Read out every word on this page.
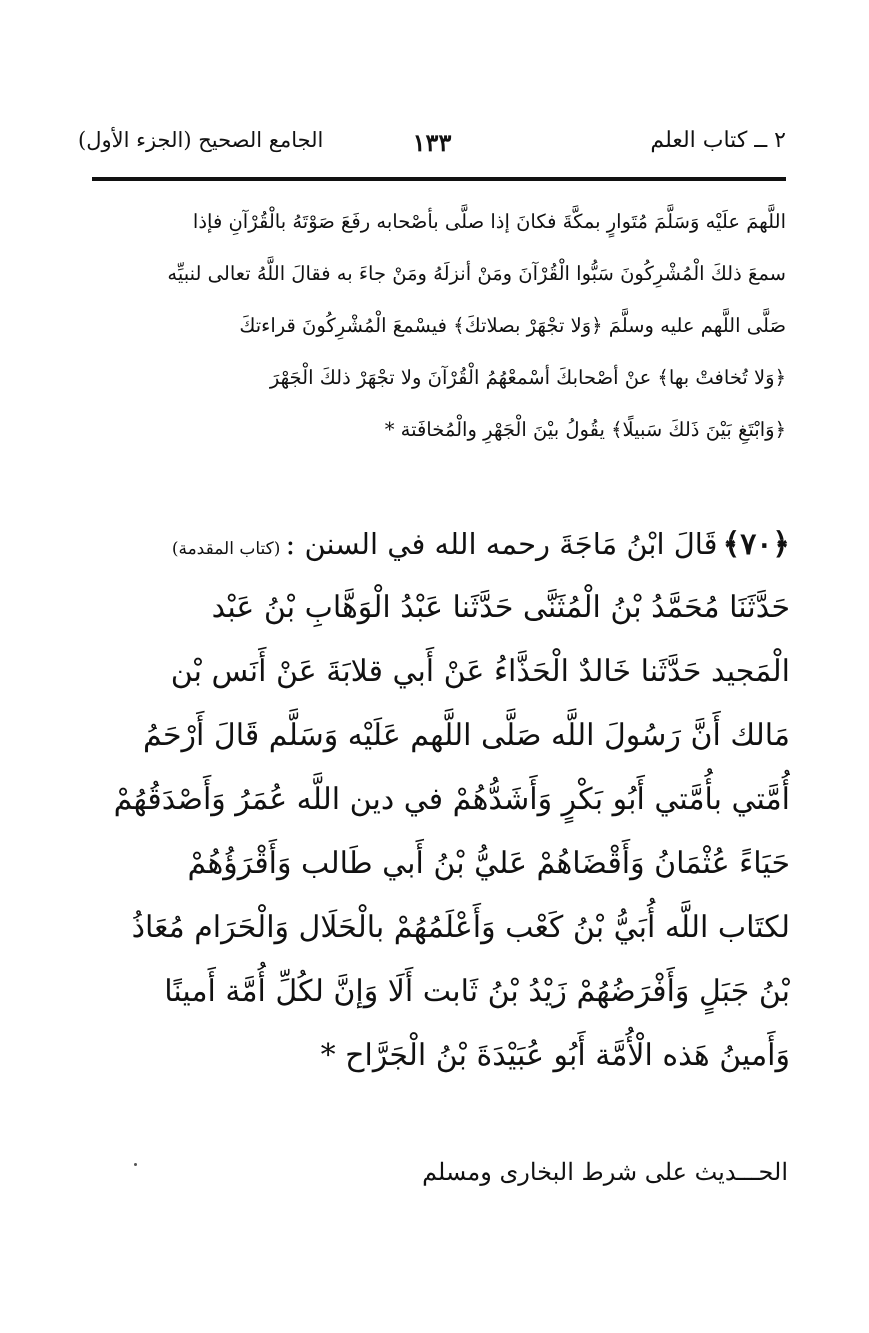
٢ ــ كتاب العلم
١٣٣
الجامع الصحيح (الجزء الأول)
اللَّهمَ علَيْه وَسَلَّمَ مُتَوارٍ بمكَّةَ فكانَ إذا صلَّى بأصْحابه رفَعَ صَوْتَهُ بالْقُرْآنِ فإذا
سمعَ ذلكَ الْمُشْرِكُونَ سَبُّوا الْقُرْآنَ ومَنْ أنزلَهُ ومَنْ جاءَ به فقالَ اللَّهُ تعالى لنبيِّه
صَلَّى اللَّهم عليه وسلَّمَ ﴿وَلا تجْهَرْ بصلاتكَ﴾ فيسْمعَ الْمُشْرِكُونَ قراءتكَ
﴿وَلا تُخافتْ بها﴾ عنْ أصْحابكَ أسْمعْهُمُ الْقُرْآنَ ولا تجْهَرْ ذلكَ الْجَهْرَ
﴿وَابْتَغِ بَيْنَ ذَلكَ سَبيلًا﴾ يقُولُ بيْنَ الْجَهْرِ والْمُخافَتة *
﴿٧٠﴾ قَالَ ابْنُ مَاجَةَ رحمه الله في السنن : (كتاب المقدمة)
حَدَّثَنَا مُحَمَّدُ بْنُ الْمُثَنَّى حَدَّثَنا عَبْدُ الْوَهَّابِ بْنُ عَبْد
الْمَجيد حَدَّثَنا خَالدٌ الْحَذَّاءُ عَنْ أَبي قلابَةَ عَنْ أَنَس بْن
مَالك أَنَّ رَسُولَ اللَّه صَلَّى اللَّهم عَلَيْه وَسَلَّم قَالَ أَرْحَمُ
أُمَّتي بأُمَّتي أَبُو بَكْرٍ وَأَشَدُّهُمْ في دين اللَّه عُمَرُ وَأَصْدَقُهُمْ
حَيَاءً عُثْمَانُ وَأَقْضَاهُمْ عَليُّ بْنُ أَبي طَالب وَأَقْرَؤُهُمْ
لكتَاب اللَّه أُبَيُّ بْنُ كَعْب وَأَعْلَمُهُمْ بالْحَلَال وَالْحَرَام مُعَاذُ
بْنُ جَبَلٍ وَأَفْرَضُهُمْ زَيْدُ بْنُ ثَابت أَلَا وَإنَّ لكُلِّ أُمَّة أَمينًا
وَأَمينُ هَذه الْأُمَّة أَبُو عُبَيْدَةَ بْنُ الْجَرَّاح *
الحـــديث على شرط البخارى ومسلم
